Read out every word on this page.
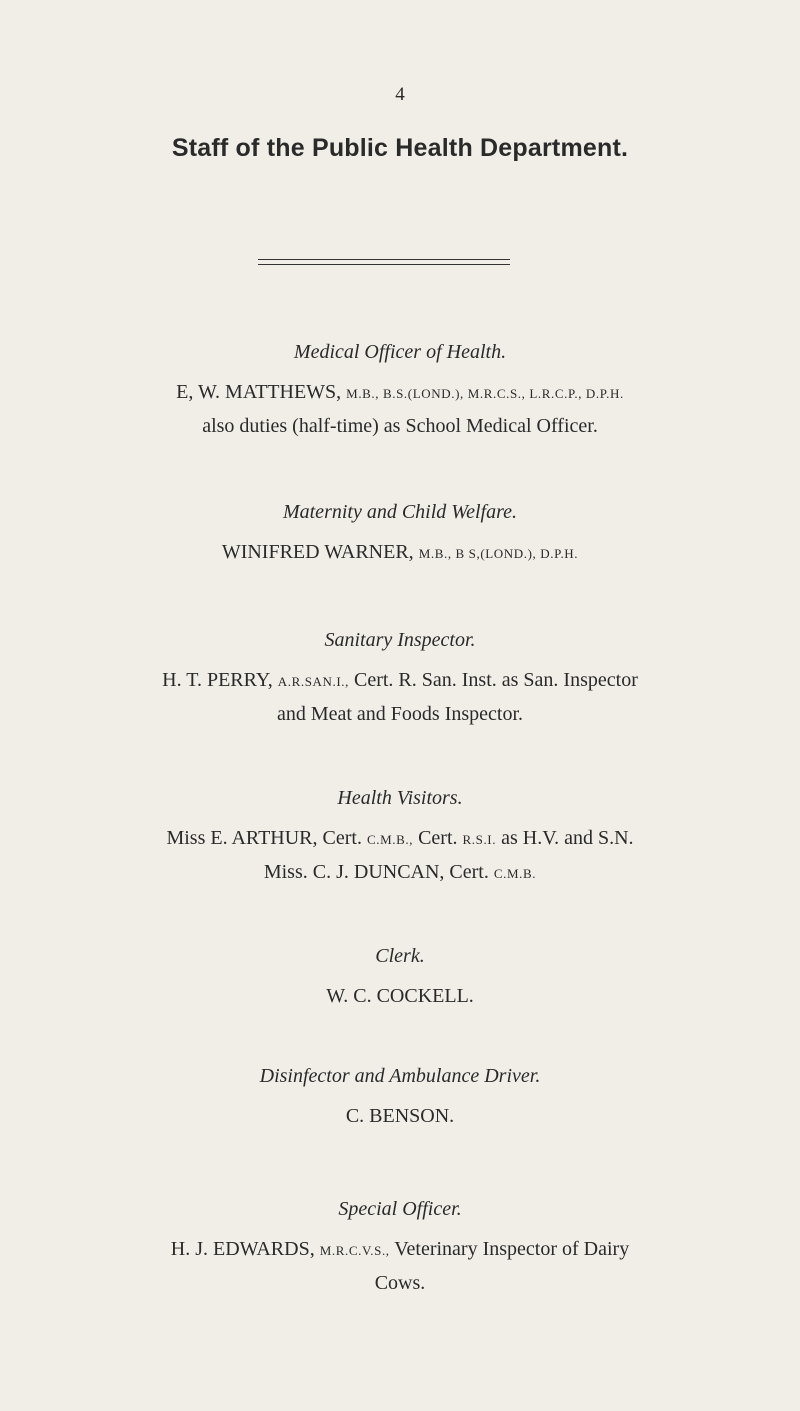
4
Staff of the Public Health Department.

Medical Officer of Health.

E, W. MATTHEWS, M.B., B.S.(LOND.), M.R.C.S., L.R.C.P., D.P.H.

also duties (half-time) as School Medical Officer.

Maternity and Child Welfare.

WINIFRED WARNER, M.B., B S,(LOND.), D.P.H.

Sanitary Inspector.

H. T. PERRY, A.R.SAN.I., Cert. R. San. Inst. as San. Inspector

and Meat and Foods Inspector.

Health Visitors.

Miss E. ARTHUR, Cert. C.M.B., Cert. R.S.I. as H.V. and S.N.

Miss. C. J. DUNCAN, Cert. C.M.B.

Clerk.

W. C. COCKELL.

Disinfector and Ambulance Driver.

C. BENSON.

Special Officer.

H. J. EDWARDS, M.R.C.V.S., Veterinary Inspector of Dairy

Cows.
